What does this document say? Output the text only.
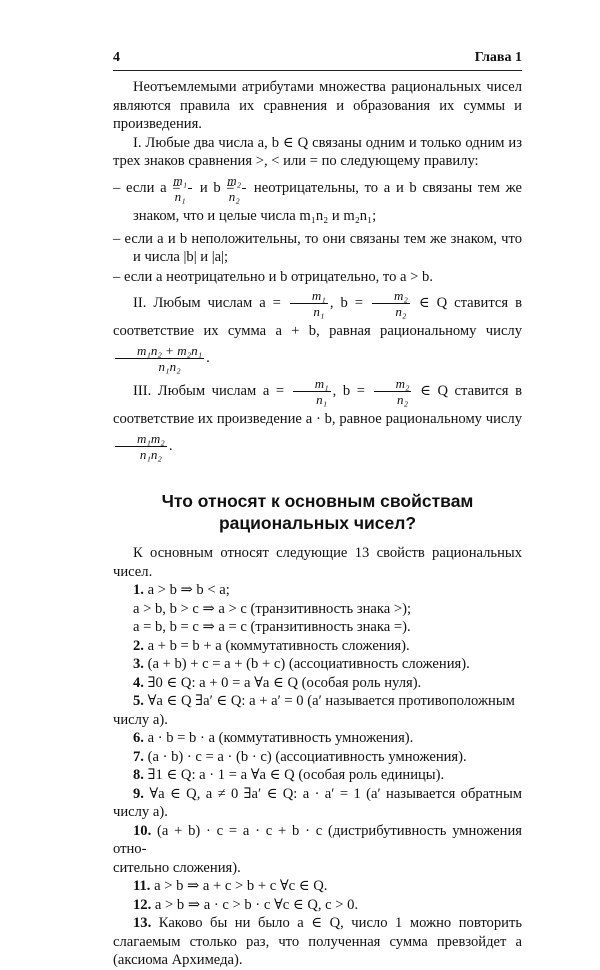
4	Глава 1

Неотъемлемыми атрибутами множества рациональных чисел являются правила их сравнения и образования их суммы и произведения.

I. Любые два числа a, b ∈ Q связаны одним и только одним из трех знаков сравнения >, < или = по следующему правилу:

– если $a = \frac{\text{m₁}}{\text{n₁}}$ и $b = \frac{\text{m₂}}{\text{n₂}}$ неотрицательны, то a и b связаны тем же знаком, что и целые числа m₁n₂ и m₂n₁;

– если a и b неположительны, то они связаны тем же знаком, что и числа |b| и |a|;

– если a неотрицательно и b отрицательно, то a > b.

II. Любым числам $a = \frac{\text{m₁}}{\text{n₁}}$ , $b = \frac{\text{m₂}}{\text{n₂}}$ ∈ Q ставится в соответствие их сумма a + b, равная рациональному числу
$\frac{\text{m₁n₂ + m₂n₁}}{\text{n₁n₂}}$ .

III. Любым числам $a = \frac{\text{m₁}}{\text{n₁}}$ , $b = \frac{\text{m₂}}{\text{n₂}}$ ∈ Q ставится в соответствие их произведение a · b, равное рациональному числу
$\frac{\text{m₁m₂}}{\text{n₁n₂}}$ .

Что относят к основным свойствам
рациональных чисел?

К основным относят следующие 13 свойств рациональных чисел.

1. a > b ⇒ b < a;

a > b, b > c ⇒ a > c (транзитивность знака >);

a = b, b = c ⇒ a = c (транзитивность знака =).

2. a + b = b + a (коммутативность сложения).

3. (a + b) + c = a + (b + c) (ассоциативность сложения).

4. ∃0 ∈ Q: a + 0 = a ∀a ∈ Q (особая роль нуля).

5. ∀a ∈ Q ∃a′ ∈ Q: a + a′ = 0 (a′ называется противоположным

числу a).

6. a · b = b · a (коммутативность умножения).

7. (a · b) · c = a · (b · c) (ассоциативность умножения).

8. ∃1 ∈ Q: a · 1 = a ∀a ∈ Q (особая роль единицы).

9. ∀a ∈ Q, a ≠ 0 ∃a′ ∈ Q: a · a′ = 1 (a′ называется обратным числу a).

10. (a + b) · c = a · c + b · c (дистрибутивность умножения отно-

сительно сложения).

11. a > b ⇒ a + c > b + c ∀c ∈ Q.

12. a > b ⇒ a · c > b · c ∀c ∈ Q, c > 0.

13. Каково бы ни было a ∈ Q, число 1 можно повторить слагаемым столько раз, что полученная сумма превзойдет a (аксиома Архимеда).
